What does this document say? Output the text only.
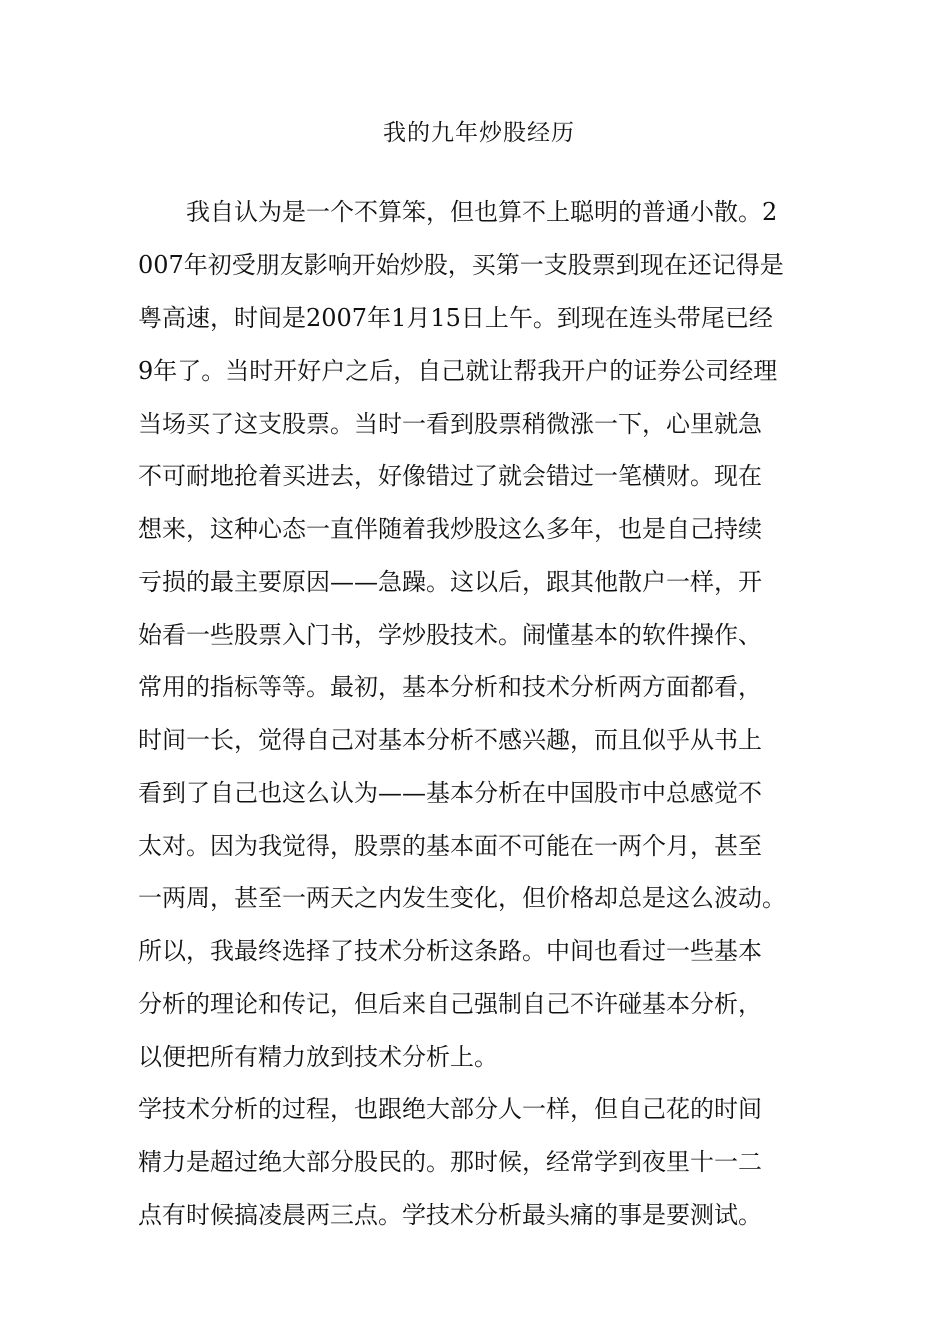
我的九年炒股经历

　　我自认为是一个不算笨，但也算不上聪明的普通小散。2

007年初受朋友影响开始炒股，买第一支股票到现在还记得是

粤高速，时间是2007年1月15日上午。到现在连头带尾已经

9年了。当时开好户之后，自己就让帮我开户的证券公司经理

当场买了这支股票。当时一看到股票稍微涨一下，心里就急

不可耐地抢着买进去，好像错过了就会错过一笔横财。现在

想来，这种心态一直伴随着我炒股这么多年，也是自己持续

亏损的最主要原因——急躁。这以后，跟其他散户一样，开

始看一些股票入门书，学炒股技术。闹懂基本的软件操作、

常用的指标等等。最初，基本分析和技术分析两方面都看，

时间一长，觉得自己对基本分析不感兴趣，而且似乎从书上

看到了自己也这么认为——基本分析在中国股市中总感觉不

太对。因为我觉得，股票的基本面不可能在一两个月，甚至

一两周，甚至一两天之内发生变化，但价格却总是这么波动。

所以，我最终选择了技术分析这条路。中间也看过一些基本

分析的理论和传记，但后来自己强制自己不许碰基本分析，

以便把所有精力放到技术分析上。

学技术分析的过程，也跟绝大部分人一样，但自己花的时间

精力是超过绝大部分股民的。那时候，经常学到夜里十一二

点有时候搞凌晨两三点。学技术分析最头痛的事是要测试。
